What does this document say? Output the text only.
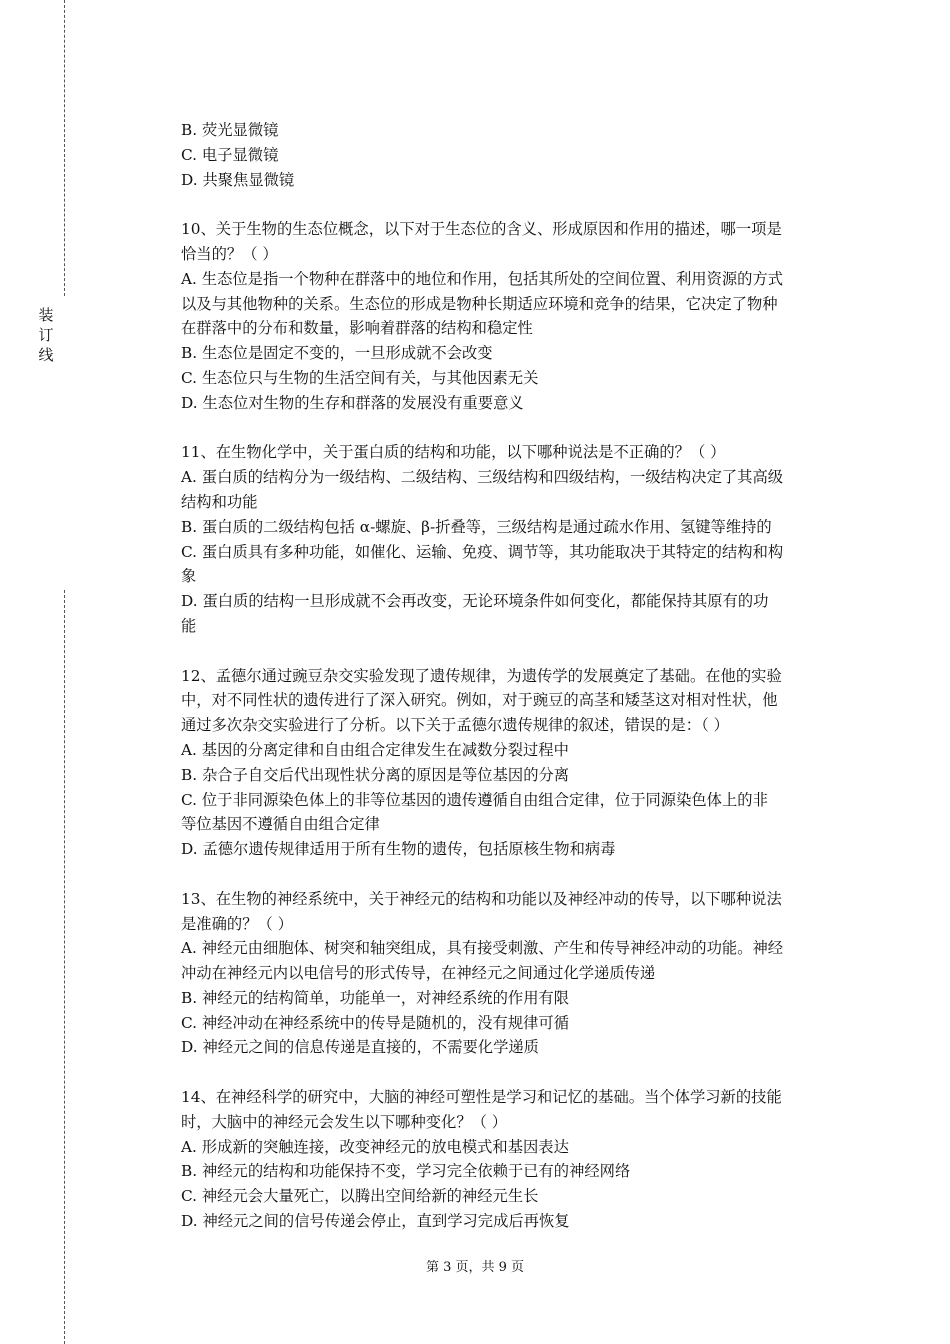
装订线
B. 荧光显微镜
C. 电子显微镜
D. 共聚焦显微镜
10、关于生物的生态位概念，以下对于生态位的含义、形成原因和作用的描述，哪一项是
恰当的？（ ）
A. 生态位是指一个物种在群落中的地位和作用，包括其所处的空间位置、利用资源的方式
以及与其他物种的关系。生态位的形成是物种长期适应环境和竞争的结果，它决定了物种
在群落中的分布和数量，影响着群落的结构和稳定性
B. 生态位是固定不变的，一旦形成就不会改变
C. 生态位只与生物的生活空间有关，与其他因素无关
D. 生态位对生物的生存和群落的发展没有重要意义
11、在生物化学中，关于蛋白质的结构和功能，以下哪种说法是不正确的？（ ）
A. 蛋白质的结构分为一级结构、二级结构、三级结构和四级结构，一级结构决定了其高级
结构和功能
B. 蛋白质的二级结构包括 α-螺旋、β-折叠等，三级结构是通过疏水作用、氢键等维持的
C. 蛋白质具有多种功能，如催化、运输、免疫、调节等，其功能取决于其特定的结构和构
象
D. 蛋白质的结构一旦形成就不会再改变，无论环境条件如何变化，都能保持其原有的功
能
12、孟德尔通过豌豆杂交实验发现了遗传规律，为遗传学的发展奠定了基础。在他的实验
中，对不同性状的遗传进行了深入研究。例如，对于豌豆的高茎和矮茎这对相对性状，他
通过多次杂交实验进行了分析。以下关于孟德尔遗传规律的叙述，错误的是：（ ）
A. 基因的分离定律和自由组合定律发生在减数分裂过程中
B. 杂合子自交后代出现性状分离的原因是等位基因的分离
C. 位于非同源染色体上的非等位基因的遗传遵循自由组合定律，位于同源染色体上的非
等位基因不遵循自由组合定律
D. 孟德尔遗传规律适用于所有生物的遗传，包括原核生物和病毒
13、在生物的神经系统中，关于神经元的结构和功能以及神经冲动的传导，以下哪种说法
是准确的？（ ）
A. 神经元由细胞体、树突和轴突组成，具有接受刺激、产生和传导神经冲动的功能。神经
冲动在神经元内以电信号的形式传导，在神经元之间通过化学递质传递
B. 神经元的结构简单，功能单一，对神经系统的作用有限
C. 神经冲动在神经系统中的传导是随机的，没有规律可循
D. 神经元之间的信息传递是直接的，不需要化学递质
14、在神经科学的研究中，大脑的神经可塑性是学习和记忆的基础。当个体学习新的技能
时，大脑中的神经元会发生以下哪种变化？（ ）
A. 形成新的突触连接，改变神经元的放电模式和基因表达
B. 神经元的结构和功能保持不变，学习完全依赖于已有的神经网络
C. 神经元会大量死亡，以腾出空间给新的神经元生长
D. 神经元之间的信号传递会停止，直到学习完成后再恢复
第 3 页，共 9 页
